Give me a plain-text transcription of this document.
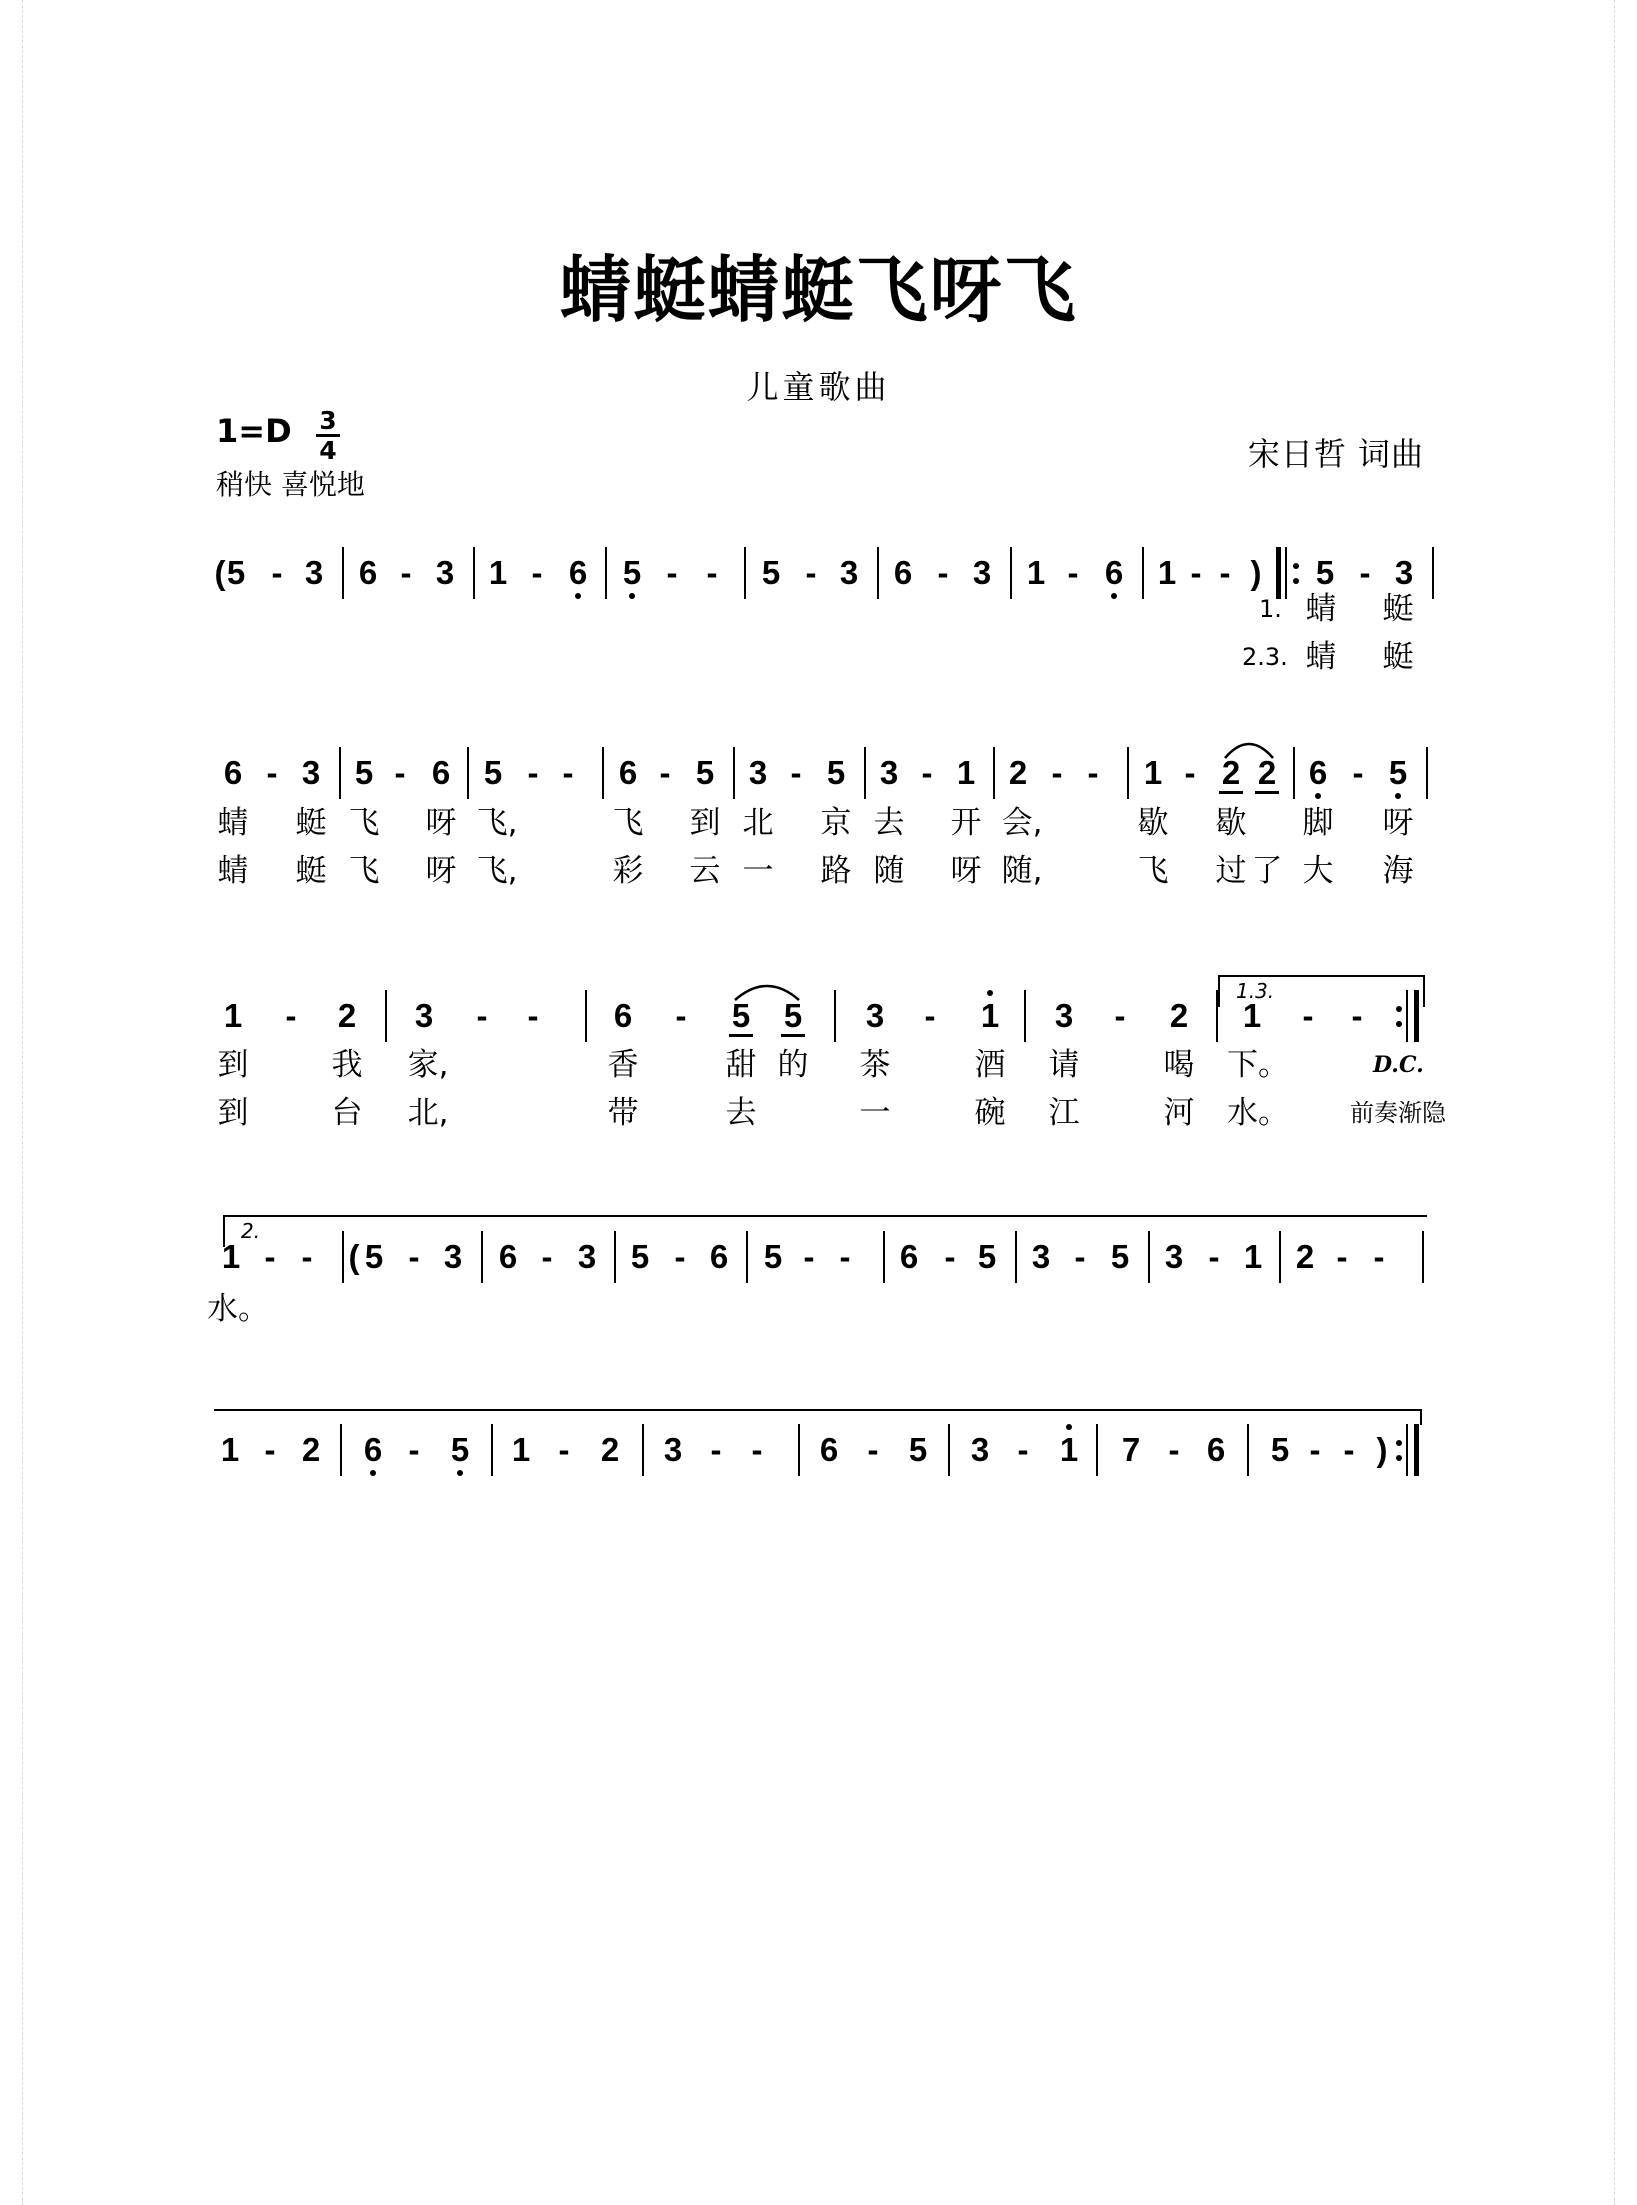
蜻蜓蜻蜓飞呀飞
儿童歌曲
1=D 3
4
稍快 喜悦地
宋日哲 词曲
( 5 - 3 6 - 3 1 - 6 5 - - 5 - 3 6 - 3 1 - 6 1 - - ) 5 - 3
6 - 3 5 - 6 5 - - 6 - 5 3 - 5 3 - 1 2 - - 1 - 2 2 6 - 5
1 - 2 3 - - 6 - 5 5 3 - 1 3 - 2 1 - -
1 - - ( 5 - 3 6 - 3 5 - 6 5 - - 6 - 5 3 - 5 3 - 1 2 - -
1 - 2 6 - 5 1 - 2 3 - - 6 - 5 3 - 1 7 - 6 5 - - )
1. 蜻 蜓
2.3. 蜻 蜓
蜻 蜓 飞 呀 飞,	飞 到 北 京 去 开 会,	歇 歇 脚 呀
蜻 蜓 飞 呀 飞,	彩 云 一 路 随 呀 随,	飞 过 了 大 海
到	我 家,	香	甜 的 茶	酒 请	喝 下。	D.C.
到	台 北,	带	去	一	碗 江	河 水。	前奏渐隐
水。
1.3.
2.
